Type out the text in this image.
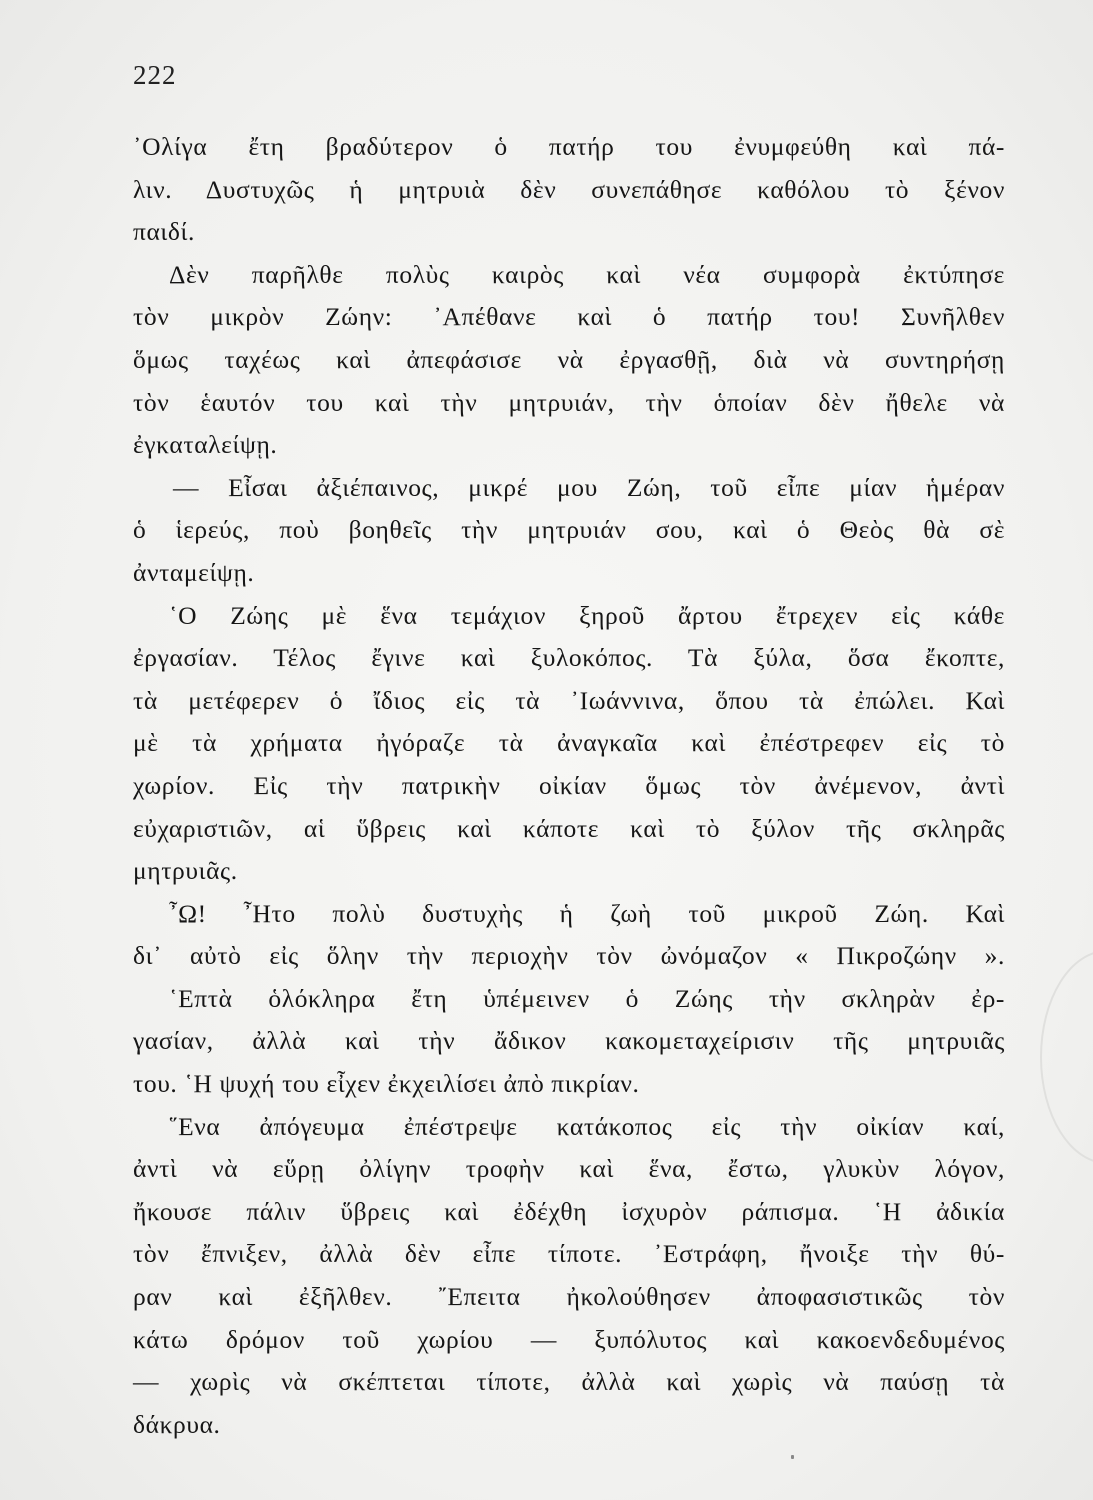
222
᾿Ολίγα ἔτη βραδύτερον ὁ πατήρ του ἐνυμφεύθη καὶ πά-
λιν. Δυστυχῶς ἡ μητρυιὰ δὲν συνεπάθησε καθόλου τὸ ξένον
παιδί.
Δὲν παρῆλθε πολὺς καιρὸς καὶ νέα συμφορὰ ἐκτύπησε
τὸν μικρὸν Ζώην: ᾿Απέθανε καὶ ὁ πατήρ του! Συνῆλθεν
ὅμως ταχέως καὶ ἀπεφάσισε νὰ ἐργασθῇ, διὰ νὰ συντηρήσῃ
τὸν ἑαυτόν του καὶ τὴν μητρυιάν, τὴν ὁποίαν δὲν ἤθελε νὰ
ἐγκαταλείψῃ.
— Εἶσαι ἀξιέπαινος, μικρέ μου Ζώη, τοῦ εἶπε μίαν ἡμέραν
ὁ ἱερεύς, ποὺ βοηθεῖς τὴν μητρυιάν σου, καὶ ὁ Θεὸς θὰ σὲ
ἀνταμείψῃ.
῾Ο Ζώης μὲ ἕνα τεμάχιον ξηροῦ ἄρτου ἔτρεχεν εἰς κάθε
ἐργασίαν. Τέλος ἔγινε καὶ ξυλοκόπος. Τὰ ξύλα, ὅσα ἔκοπτε,
τὰ μετέφερεν ὁ ἴδιος εἰς τὰ ᾿Ιωάννινα, ὅπου τὰ ἐπώλει. Καὶ
μὲ τὰ χρήματα ἠγόραζε τὰ ἀναγκαῖα καὶ ἐπέστρεφεν εἰς τὸ
χωρίον. Εἰς τὴν πατρικὴν οἰκίαν ὅμως τὸν ἀνέμενον, ἀντὶ
εὐχαριστιῶν, αἱ ὕβρεις καὶ κάποτε καὶ τὸ ξύλον τῆς σκληρᾶς
μητρυιᾶς.
῏Ω! ῏Ητο πολὺ δυστυχὴς ἡ ζωὴ τοῦ μικροῦ Ζώη. Καὶ
δι᾿ αὐτὸ εἰς ὅλην τὴν περιοχὴν τὸν ὠνόμαζον « Πικροζώην ».
῾Επτὰ ὁλόκληρα ἔτη ὑπέμεινεν ὁ Ζώης τὴν σκληρὰν ἐρ-
γασίαν, ἀλλὰ καὶ τὴν ἄδικον κακομεταχείρισιν τῆς μητρυιᾶς
του. ῾Η ψυχή του εἶχεν ἐκχειλίσει ἀπὸ πικρίαν.
῞Ενα ἀπόγευμα ἐπέστρεψε κατάκοπος εἰς τὴν οἰκίαν καί,
ἀντὶ νὰ εὕρῃ ὀλίγην τροφὴν καὶ ἕνα, ἔστω, γλυκὺν λόγον,
ἤκουσε πάλιν ὕβρεις καὶ ἐδέχθη ἰσχυρὸν ράπισμα. ῾Η ἀδικία
τὸν ἔπνιξεν, ἀλλὰ δὲν εἶπε τίποτε. ᾿Εστράφη, ἤνοιξε τὴν θύ-
ραν καὶ ἐξῆλθεν. ῎Επειτα ἠκολούθησεν ἀποφασιστικῶς τὸν
κάτω δρόμον τοῦ χωρίου — ξυπόλυτος καὶ κακοενδεδυμένος
— χωρὶς νὰ σκέπτεται τίποτε, ἀλλὰ καὶ χωρὶς νὰ παύσῃ τὰ
δάκρυα.
